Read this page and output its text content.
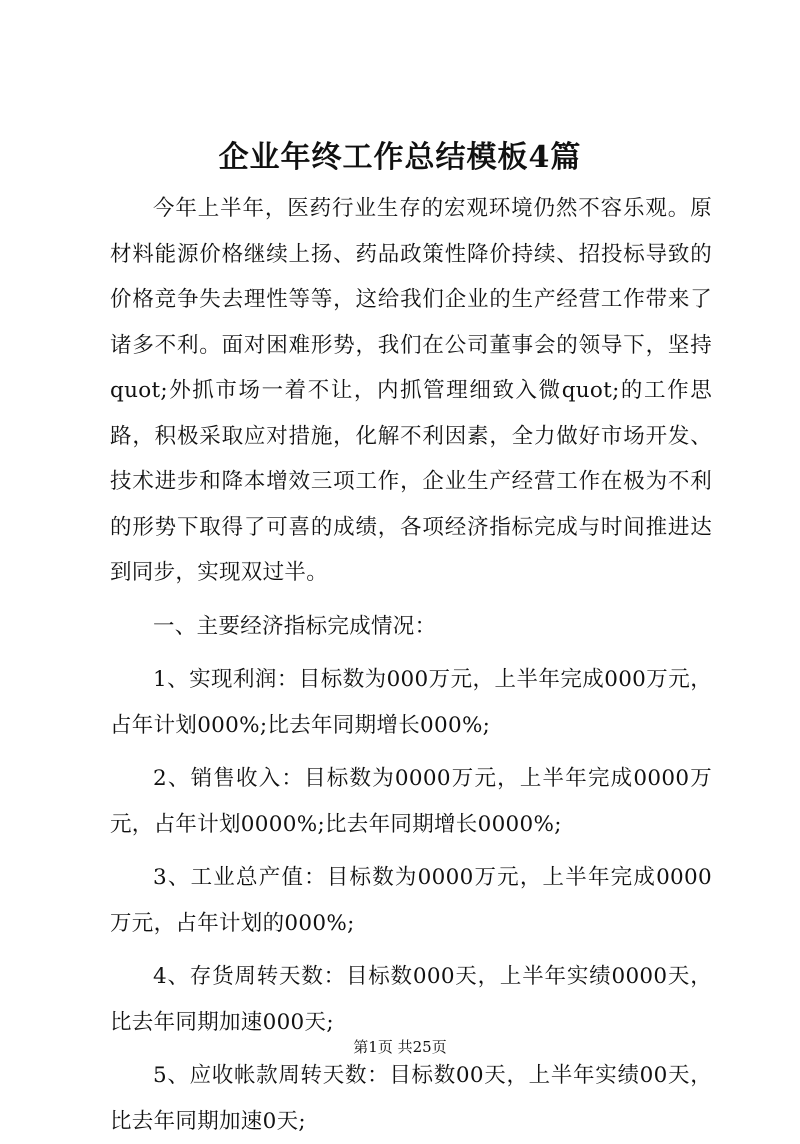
企业年终工作总结模板4篇

今年上半年，医药行业生存的宏观环境仍然不容乐观。原材料能源价格继续上扬、药品政策性降价持续、招投标导致的价格竞争失去理性等等，这给我们企业的生产经营工作带来了诸多不利。面对困难形势，我们在公司董事会的领导下，坚持quot;外抓市场一着不让，内抓管理细致入微quot;的工作思路，积极采取应对措施，化解不利因素，全力做好市场开发、技术进步和降本增效三项工作，企业生产经营工作在极为不利的形势下取得了可喜的成绩，各项经济指标完成与时间推进达到同步，实现双过半。

一、主要经济指标完成情况：

1、实现利润：目标数为000万元，上半年完成000万元，占年计划000%;比去年同期增长000%;

2、销售收入：目标数为0000万元，上半年完成0000万元，占年计划0000%;比去年同期增长0000%;

3、工业总产值：目标数为0000万元，上半年完成0000万元，占年计划的000%;

4、存货周转天数：目标数000天，上半年实绩0000天，比去年同期加速000天;

5、应收帐款周转天数：目标数00天，上半年实绩00天，比去年同期加速0天;

第1页 共25页
